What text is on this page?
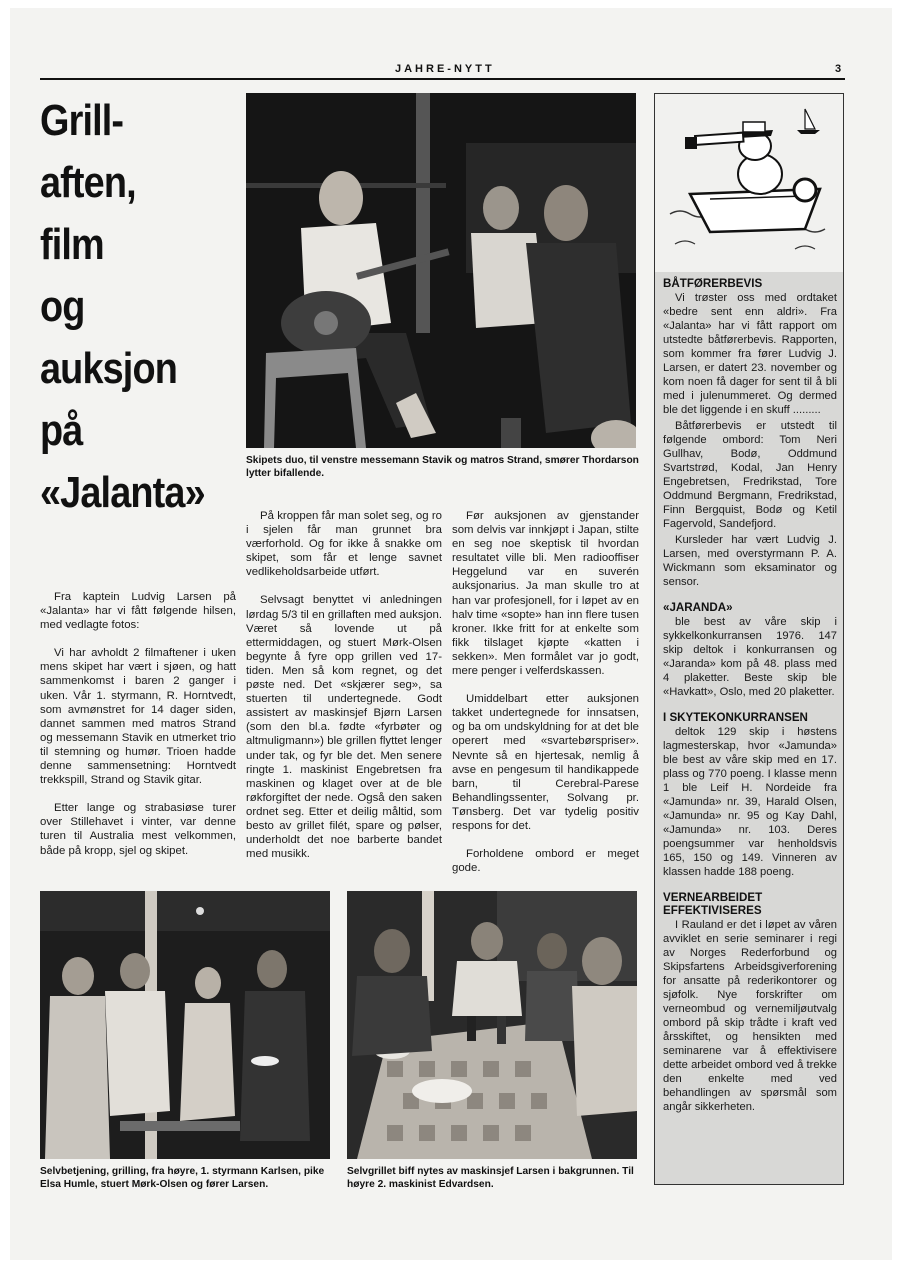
JAHRE-NYTT	3
Grill-
aften,
film
og
auksjon
på
«Jalanta»

Skipets duo, til venstre messemann Stavik og matros Strand, smører Thordarson lytter bifallende.

Fra kaptein Ludvig Larsen på «Jalanta» har vi fått følgende hilsen, med vedlagte fotos:

Vi har avholdt 2 filmaftener i uken mens skipet har vært i sjøen, og hatt sammenkomst i baren 2 ganger i uken. Vår 1. styrmann, R. Horntvedt, som avmønstret for 14 dager siden, dannet sammen med matros Strand og messemann Stavik en utmerket trio til stemning og humør. Trioen hadde denne sammensetning: Horntvedt trekkspill, Strand og Stavik gitar.

Etter lange og strabasiøse turer over Stillehavet i vinter, var denne turen til Australia mest velkommen, både på kropp, sjel og skipet.

På kroppen får man solet seg, og ro i sjelen får man grunnet bra værforhold. Og for ikke å snakke om skipet, som får et lenge savnet vedlikeholdsarbeide utført.

Selvsagt benyttet vi anledningen lørdag 5/3 til en grillaften med auksjon. Været så lovende ut på ettermiddagen, og stuert Mørk-Olsen begynte å fyre opp grillen ved 17-tiden. Men så kom regnet, og det pøste ned. Det «skjærer seg», sa stuerten til undertegnede. Godt assistert av maskinsjef Bjørn Larsen (som den bl.a. fødte «fyrbøter og altmuligmann») ble grillen flyttet lenger under tak, og fyr ble det. Men senere ringte 1. maskinist Engebretsen fra maskinen og klaget over at de ble røkforgiftet der nede. Også den saken ordnet seg. Etter et deilig måltid, som besto av grillet filét, spare og pølser, underholdt det noe barberte bandet med musikk.

Før auksjonen av gjenstander som delvis var innkjøpt i Japan, stilte en seg noe skeptisk til hvordan resultatet ville bli. Men radiooffiser Heggelund var en suverén auksjonarius. Ja man skulle tro at han var profesjonell, for i løpet av en halv time «sopte» han inn flere tusen kroner. Ikke fritt for at enkelte som fikk tilslaget kjøpte «katten i sekken». Men formålet var jo godt, mere penger i velferdskassen.

Umiddelbart etter auksjonen takket undertegnede for innsatsen, og ba om undskyldning for at det ble operert med «svartebørspriser». Nevnte så en hjertesak, nemlig å avse en pengesum til handikappede barn, til Cerebral-Parese Behandlingssenter, Solvang pr. Tønsberg. Det var tydelig positiv respons for det.

Forholdene ombord er meget gode.

Selvbetjening, grilling, fra høyre, 1. styrmann Karlsen, pike Elsa Humle, stuert Mørk-Olsen og fører Larsen.

Selvgrillet biff nytes av maskinsjef Larsen i bakgrunnen. Til høyre 2. maskinist Edvardsen.

BÅTFØRERBEVIS

Vi trøster oss med ordtaket «bedre sent enn aldri». Fra «Jalanta» har vi fått rapport om utstedte båtførerbevis. Rapporten, som kommer fra fører Ludvig J. Larsen, er datert 23. november og kom noen få dager for sent til å bli med i julenummeret. Og dermed ble det liggende i en skuff .........

Båtførerbevis er utstedt til følgende ombord: Tom Neri Gullhav, Bodø, Oddmund Svartstrød, Kodal, Jan Henry Engebretsen, Fredrikstad, Tore Oddmund Bergmann, Fredrikstad, Finn Bergquist, Bodø og Ketil Fagervold, Sandefjord.

Kursleder har vært Ludvig J. Larsen, med overstyrmann P. A. Wickmann som eksaminator og sensor.

«JARANDA»

ble best av våre skip i sykkelkonkurransen 1976. 147 skip deltok i konkurransen og «Jaranda» kom på 48. plass med 4 plaketter. Beste skip ble «Havkatt», Oslo, med 20 plaketter.

I SKYTEKONKURRANSEN

deltok 129 skip i høstens lagmesterskap, hvor «Jamunda» ble best av våre skip med en 17. plass og 770 poeng. I klasse menn 1 ble Leif H. Nordeide fra «Jamunda» nr. 39, Harald Olsen, «Jamunda» nr. 95 og Kay Dahl, «Jamunda» nr. 103. Deres poengsummer var henholdsvis 165, 150 og 149. Vinneren av klassen hadde 188 poeng.

VERNEARBEIDET EFFEKTIVISERES

I Rauland er det i løpet av våren avviklet en serie seminarer i regi av Norges Rederforbund og Skipsfartens Arbeidsgiverforening for ansatte på rederikontorer og sjøfolk. Nye forskrifter om verneombud og vernemiljøutvalg ombord på skip trådte i kraft ved årsskiftet, og hensikten med seminarene var å effektivisere dette arbeidet ombord ved å trekke den enkelte med ved behandlingen av spørsmål som angår sikkerheten.
